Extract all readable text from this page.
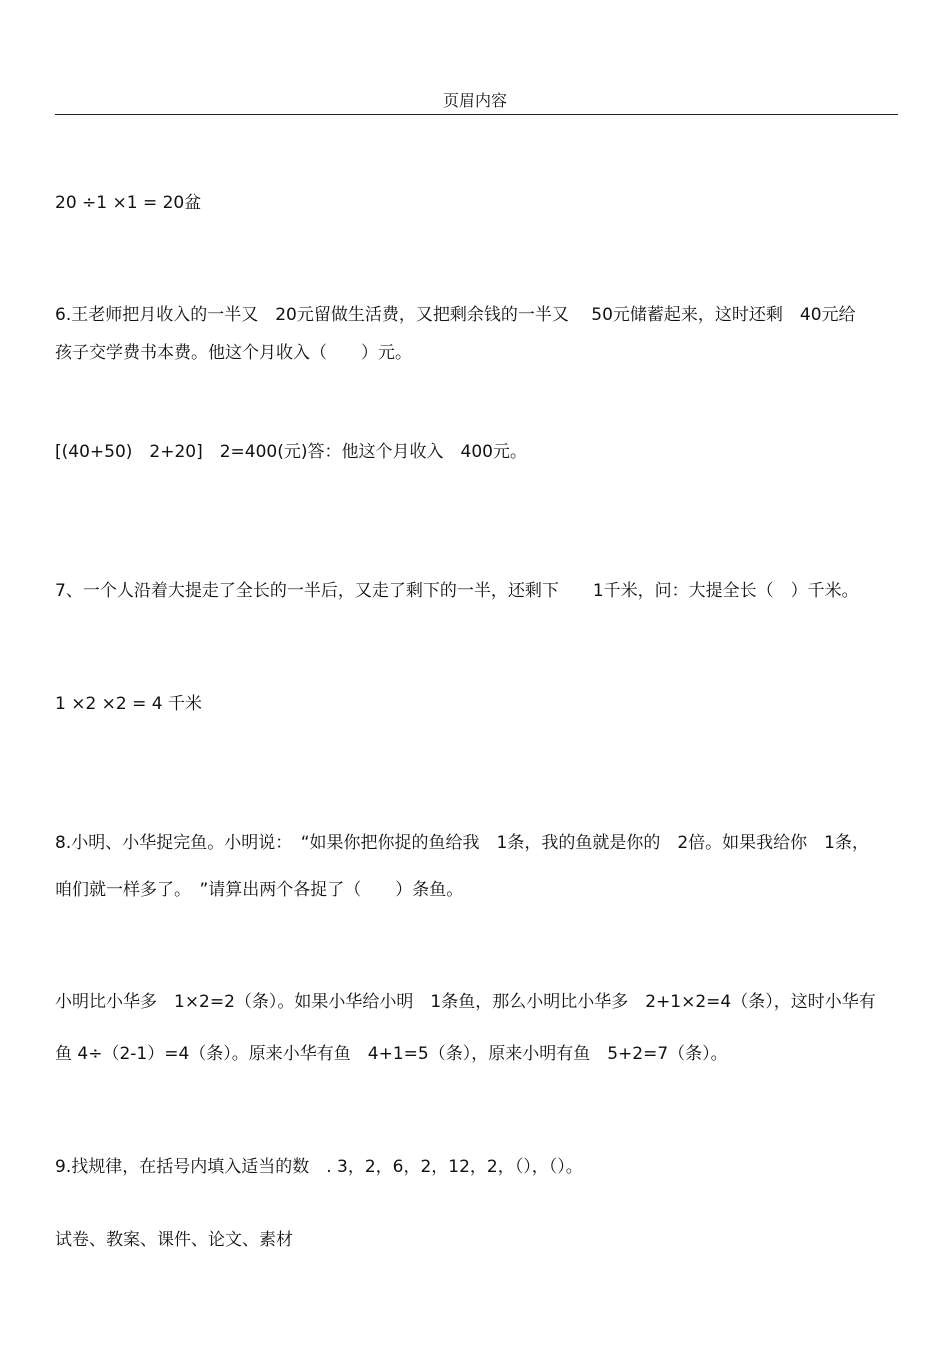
页眉内容
20 ÷1 ×1 = 20盆
6.王老师把月收入的一半又　20元留做生活费，又把剩余钱的一半又　 50元储蓄起来，这时还剩　40元给
孩子交学费书本费。他这个月收入（　　）元。
[(40+50)　2+20]　2=400(元)答：他这个月收入　400元。
7、一个人沿着大提走了全长的一半后，又走了剩下的一半，还剩下　　1千米，问：大提全长（　）千米。
1 ×2 ×2 = 4 千米
8.小明、小华捉完鱼。小明说：　“如果你把你捉的鱼给我　1条，我的鱼就是你的　2倍。如果我给你　1条，
咱们就一样多了。　”请算出两个各捉了（　　）条鱼。
小明比小华多　1×2=2（条）。如果小华给小明　1条鱼，那么小明比小华多　2+1×2=4（条），这时小华有
鱼 4÷（2-1）=4（条）。原来小华有鱼　4+1=5（条），原来小明有鱼　5+2=7（条）。
9.找规律，在括号内填入适当的数　. 3，2，6，2，12，2，（），（）。
试卷、教案、课件、论文、素材
